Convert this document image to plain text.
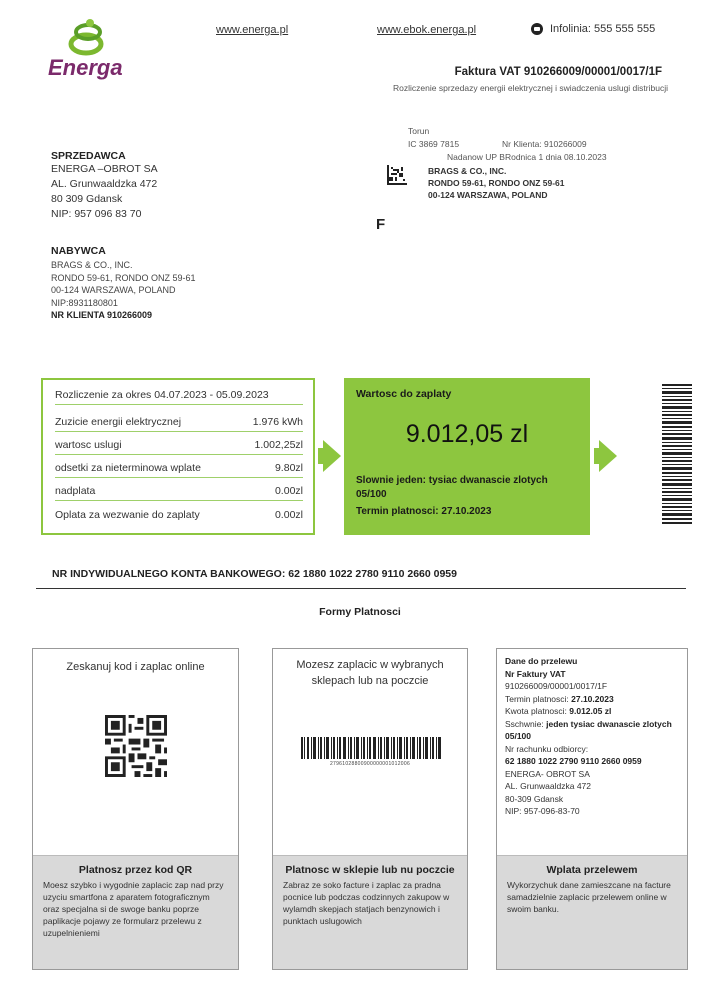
Energa
www.energa.pl	www.ebok.energa.pl	Infolinia: 555 555 555
Faktura VAT 910266009/00001/0017/1F
Rozliczenie sprzedazy energii elektrycznej i swiadczenia uslugi distribucji
Torun
IC 3869 7815	Nr Klienta: 910266009
Nadanow UP BRodnica 1 dnia 08.10.2023
BRAGS & CO., INC.
RONDO 59-61, RONDO ONZ 59-61
00-124 WARSZAWA, POLAND
F
SPRZEDAWCA
ENERGA –OBROT SA
AL. Grunwaaldzka 472
80 309 Gdansk
NIP: 957 096 83 70
NABYWCA
BRAGS & CO., INC.
RONDO 59-61, RONDO ONZ 59-61
00-124 WARSZAWA, POLAND
NIP:8931180801
NR KLIENTA 910266009
Rozliczenie za okres 04.07.2023 - 05.09.2023
Zuzicie energii elektrycznej	1.976 kWh
wartosc uslugi	1.002,25zl
odsetki za nieterminowa wplate	9.80zl
nadplata	0.00zl
Oplata za wezwanie do zaplaty	0.00zl
Wartosc do zaplaty
9.012,05 zl
Slownie jeden: tysiac dwanascie zlotych 05/100
Termin platnosci: 27.10.2023
NR INDYWIDUALNEGO KONTA BANKOWEGO: 62 1880 1022 2780 9110 2660 0959
Formy Platnosci
Zeskanuj kod i zaplac online
Platnosz przez kod QR
Moesz szybko i wygodnie zaplacic zap nad przy uzyciu smartfona z aparatem fotograficznym oraz specjalna si de swoge banku poprze paplikacje pojawy ze formularz przelewu z uzupelnieniemi
Mozesz zaplacic w wybranych sklepach lub na poczcie
27961028800900000001012006
Platnosc w sklepie lub nu poczcie
Zabraz ze soko facture i zaplac za pradna pocnice lub podczas codzinnych zakupow w wylamdh skepjach statjach benzynowich i punktach uslugowich
Dane do przelewu
Nr Faktury VAT
910266009/00001/0017/1F
Termin platnosci: 27.10.2023
Kwota platnosci: 9.012.05 zl
Sschwnie: jeden tysiac dwanascie zlotych 05/100
Nr rachunku odbiorcy:
62 1880 1022 2790 9110 2660 0959
ENERGA- OBROT SA
AL. Grunwaaldzka 472
80-309 Gdansk
NIP: 957-096-83-70
Wplata przelewem
Wykorzychuk dane zamieszcane na facture samadzielnie zaplacic przelewem online w swoim banku.
